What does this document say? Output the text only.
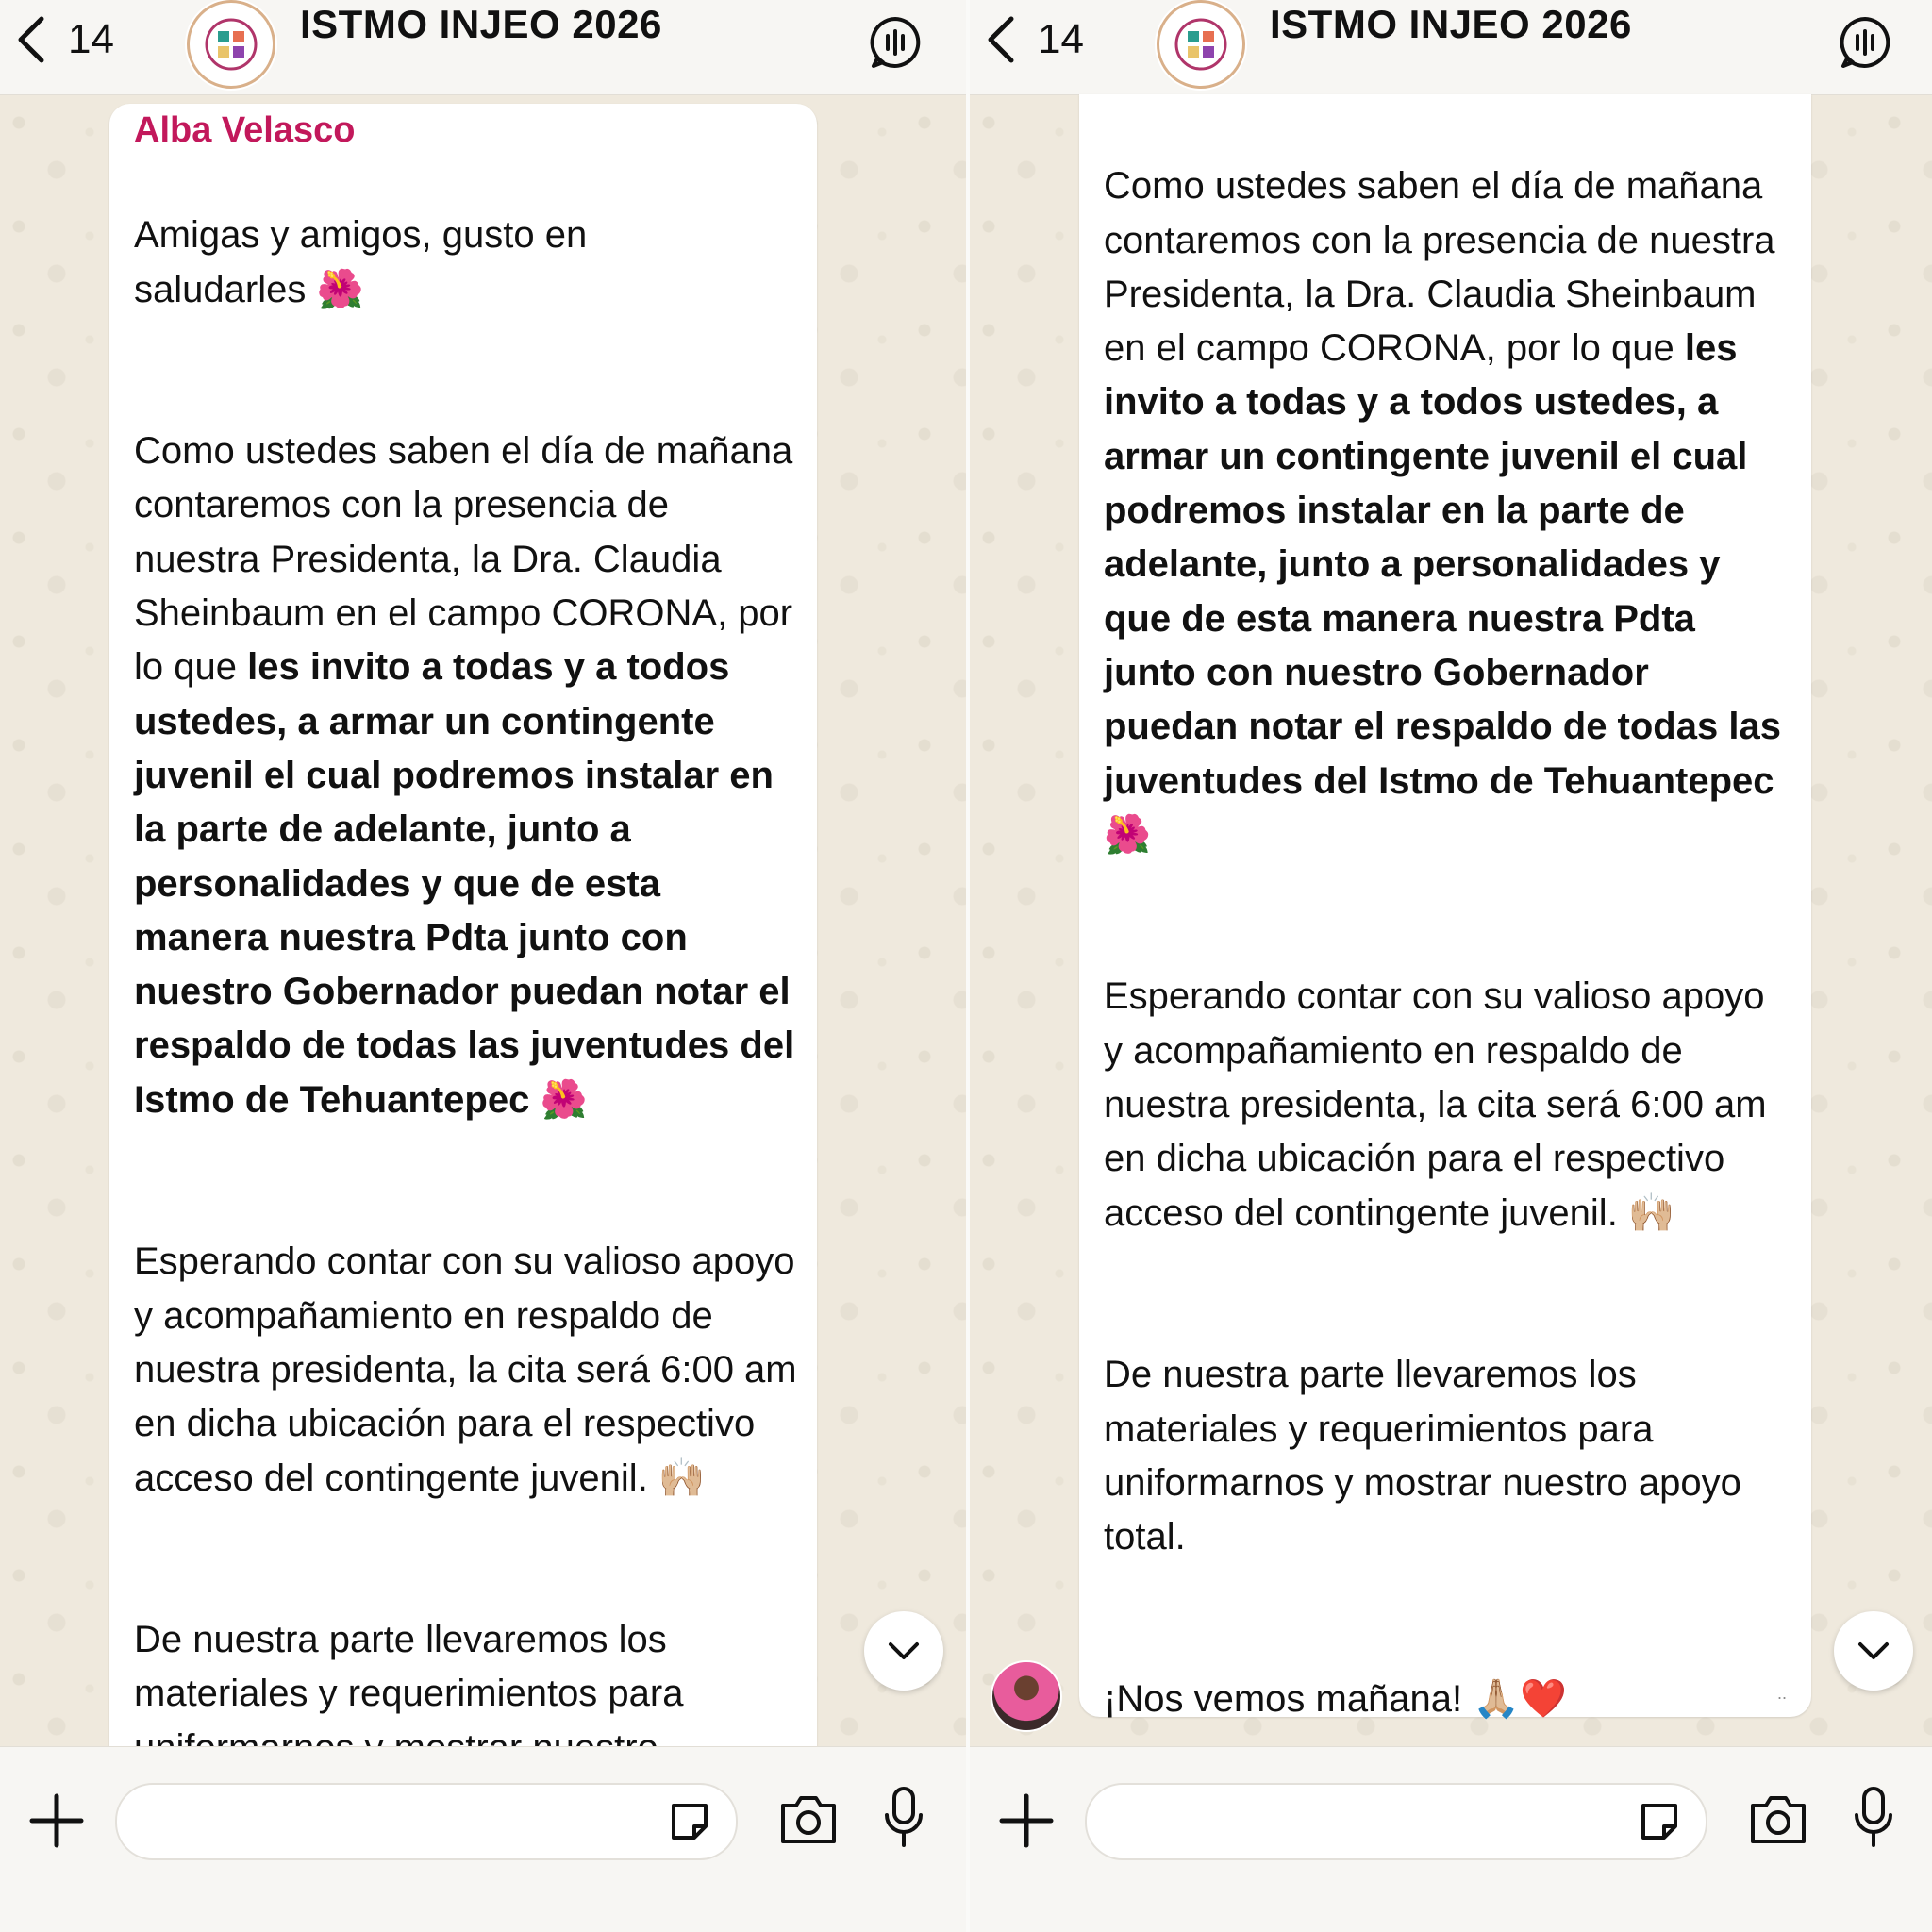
14	ISTMO INJEO 2026
Alba Velasco

Amigas y amigos, gusto en
saludarles 🌺

Como ustedes saben el día de mañana contaremos con la presencia de nuestra Presidenta, la Dra. Claudia Sheinbaum en el campo CORONA, por lo que les invito a todas y a todos ustedes, a armar un contingente juvenil el cual podremos instalar en la parte de adelante, junto a personalidades y que de esta manera nuestra Pdta junto con nuestro Gobernador puedan notar el respaldo de todas las juventudes del Istmo de Tehuantepec 🌺

Esperando contar con su valioso apoyo y acompañamiento en respaldo de nuestra presidenta, la cita será 6:00 am en dicha ubicación para el respectivo acceso del contingente juvenil. 🙌🏼

De nuestra parte llevaremos los materiales y requerimientos para

14	ISTMO INJEO 2026

Como ustedes saben el día de mañana contaremos con la presencia de nuestra Presidenta, la Dra. Claudia Sheinbaum en el campo CORONA, por lo que les invito a todas y a todos ustedes, a armar un contingente juvenil el cual podremos instalar en la parte de adelante, junto a personalidades y que de esta manera nuestra Pdta junto con nuestro Gobernador puedan notar el respaldo de todas las juventudes del Istmo de Tehuantepec 🌺

Esperando contar con su valioso apoyo y acompañamiento en respaldo de nuestra presidenta, la cita será 6:00 am en dicha ubicación para el respectivo acceso del contingente juvenil. 🙌🏼

De nuestra parte llevaremos los materiales y requerimientos para uniformarnos y mostrar nuestro apoyo total.

¡Nos vemos mañana! 🙏🏼❤️	..
